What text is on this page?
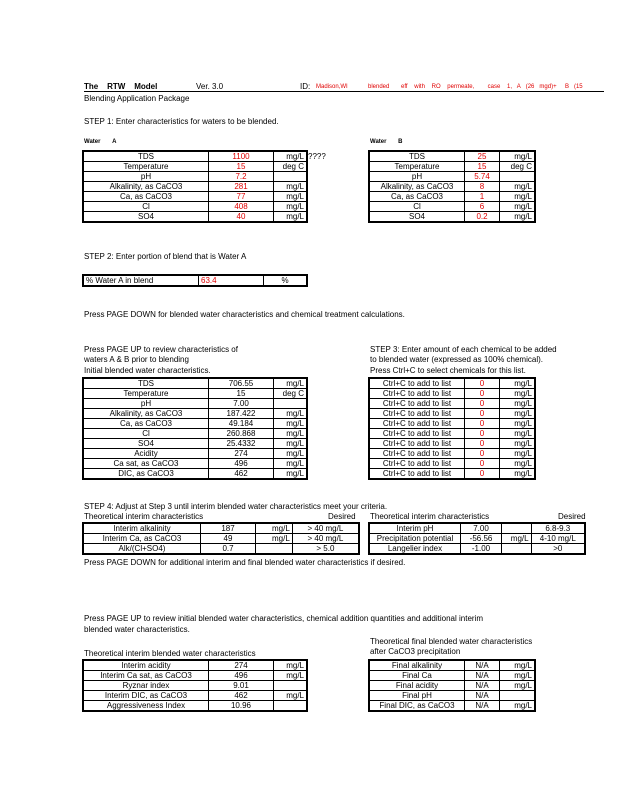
The RTW Model	Ver. 3.0	ID: Madison,WI	blended eff with RO permeate, case 1, A (26 mgd)+ B (15
Blending Application Package
STEP 1: Enter characteristics for waters to be blended.
Water A	Water B
????
TDS	1100	mg/L
Temperature	15	deg C
pH	7.2	
Alkalinity, as CaCO3	281	mg/L
Ca, as CaCO3	77	mg/L
Cl	408	mg/L
SO4	40	mg/L
TDS	25	mg/L
Temperature	15	deg C
pH	5.74	
Alkalinity, as CaCO3	8	mg/L
Ca, as CaCO3	1	mg/L
Cl	6	mg/L
SO4	0.2	mg/L
STEP 2: Enter portion of blend that is Water A
% Water A in blend	63.4	%
Press PAGE DOWN for blended water characteristics and chemical treatment calculations.
Press PAGE UP to review characteristics of
waters A & B prior to blending
Initial blended water characteristics.
STEP 3: Enter amount of each chemical to be added
to blended water (expressed as 100% chemical).
Press Ctrl+C to select chemicals for this list.
TDS	706.55	mg/L
Temperature	15	deg C
pH	7.00	
Alkalinity, as CaCO3	187.422	mg/L
Ca, as CaCO3	49.184	mg/L
Cl	260.868	mg/L
SO4	25.4332	mg/L
Acidity	274	mg/L
Ca sat, as CaCO3	496	mg/L
DIC, as CaCO3	462	mg/L
Ctrl+C to add to list	0	mg/L
Ctrl+C to add to list	0	mg/L
Ctrl+C to add to list	0	mg/L
Ctrl+C to add to list	0	mg/L
Ctrl+C to add to list	0	mg/L
Ctrl+C to add to list	0	mg/L
Ctrl+C to add to list	0	mg/L
Ctrl+C to add to list	0	mg/L
Ctrl+C to add to list	0	mg/L
Ctrl+C to add to list	0	mg/L
STEP 4: Adjust at Step 3 until interim blended water characteristics meet your criteria.
Theoretical interim characteristics	Desired Theoretical interim characteristics	Desired
Interim alkalinity	187	mg/L	> 40 mg/L
Interim Ca, as CaCO3	49	mg/L	> 40 mg/L
Alk/(Cl+SO4)	0.7		> 5.0
Interim pH	7.00		6.8-9.3
Precipitation potential	-56.56	mg/L	4-10 mg/L
Langelier index	-1.00		>0
Press PAGE DOWN for additional interim and final blended water characteristics if desired.
Press PAGE UP to review initial blended water characteristics, chemical addition quantities and additional interim
blended water characteristics.
Theoretical final blended water characteristics
after CaCO3 precipitation
Theoretical interim blended water characteristics
Interim acidity	274	mg/L
Interim Ca sat, as CaCO3	496	mg/L
Ryznar index	9.01	
Interim DIC, as CaCO3	462	mg/L
Aggressiveness Index	10.96	
Final alkalinity	N/A	mg/L
Final Ca	N/A	mg/L
Final acidity	N/A	mg/L
Final pH	N/A	
Final DIC, as CaCO3	N/A	mg/L
